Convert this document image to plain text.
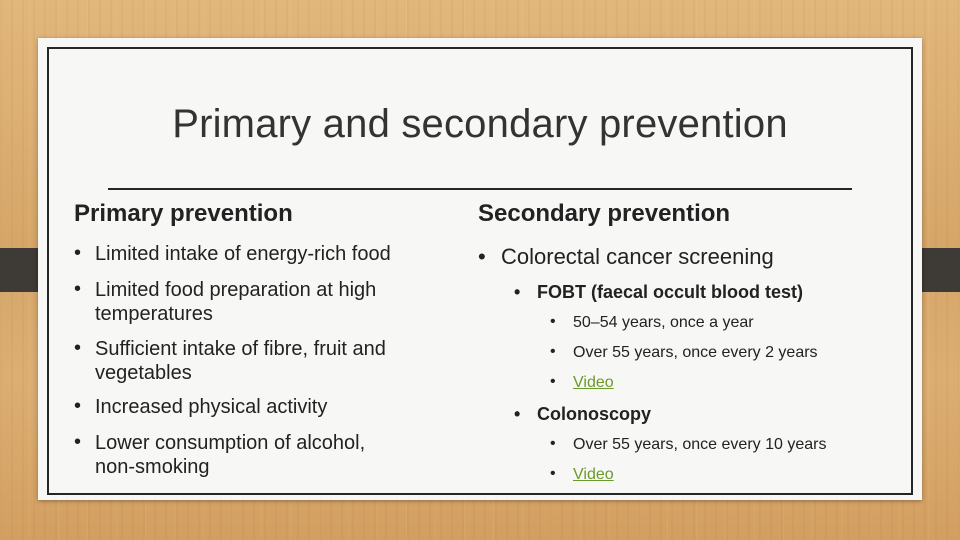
Primary and secondary prevention
Primary prevention
• Limited intake of energy-rich food
• Limited food preparation at high temperatures
• Sufficient intake of fibre, fruit and vegetables
• Increased physical activity
• Lower consumption of alcohol, non-smoking
Secondary prevention
• Colorectal cancer screening
• FOBT (faecal occult blood test)
• 50–54 years, once a year
• Over 55 years, once every 2 years
• Video
• Colonoscopy
• Over 55 years, once every 10 years
• Video
